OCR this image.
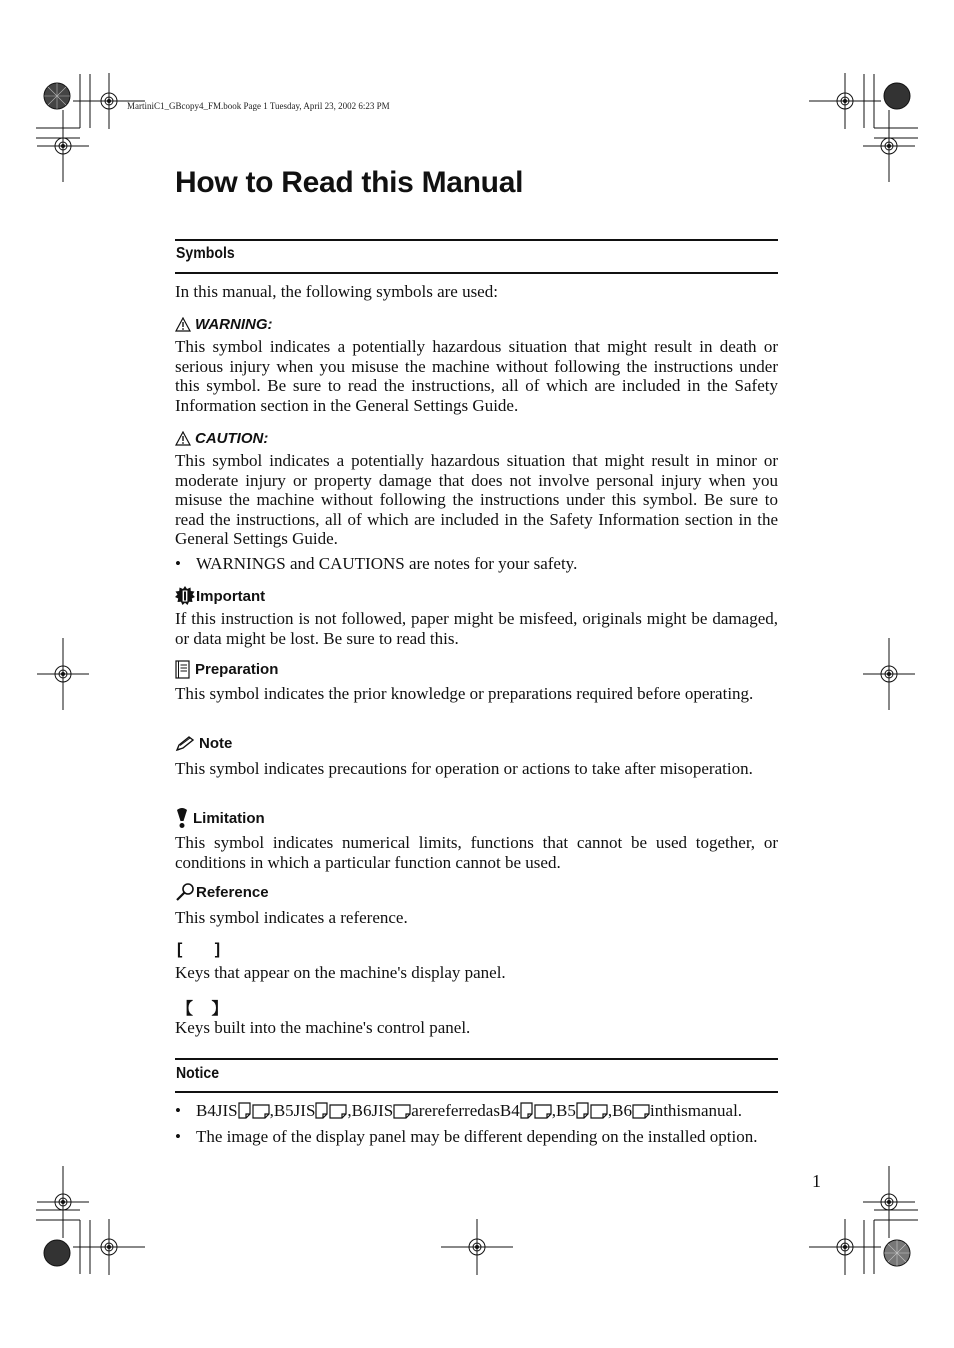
MartiniC1_GBcopy4_FM.book Page 1 Tuesday, April 23, 2002 6:23 PM
How to Read this Manual
Symbols
In this manual, the following symbols are used:
WARNING:
This symbol indicates a potentially hazardous situation that might result in death or serious injury when you misuse the machine without following the instructions under this symbol. Be sure to read the instructions, all of which are included in the Safety Information section in the General Settings Guide.
CAUTION:
This symbol indicates a potentially hazardous situation that might result in minor or moderate injury or property damage that does not involve personal injury when you misuse the machine without following the instructions under this symbol. Be sure to read the instructions, all of which are included in the Safety Information section in the General Settings Guide.
• WARNINGS and CAUTIONS are notes for your safety.
Important
If this instruction is not followed, paper might be misfeed, originals might be damaged, or data might be lost. Be sure to read this.
Preparation
This symbol indicates the prior knowledge or preparations required before operating.
Note
This symbol indicates precautions for operation or actions to take after misoperation.
Limitation
This symbol indicates numerical limits, functions that cannot be used together, or conditions in which a particular function cannot be used.
Reference
This symbol indicates a reference.
[ ]
Keys that appear on the machine's display panel.
【 】
Keys built into the machine's control panel.
Notice
• B4JIS ,B5JIS ,B6JIS arereferredasB4 ,B5 ,B6 inthismanual.
• The image of the display panel may be different depending on the installed option.
1
